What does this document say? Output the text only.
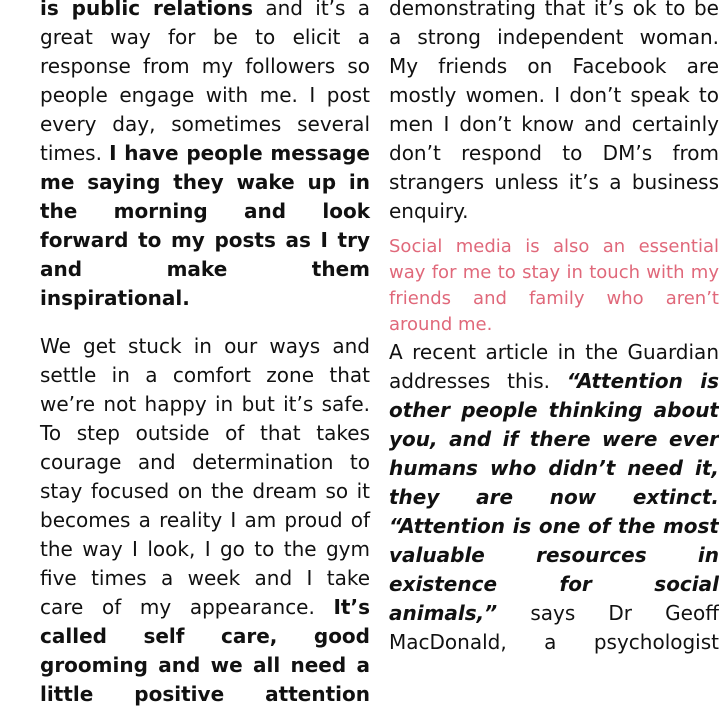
is public relations and it’s a great way for be to elicit a response from my followers so people engage with me. I post every day, sometimes several times. I have people message me saying they wake up in the morning and look forward to my posts as I try and make them inspirational.

We get stuck in our ways and settle in a comfort zone that we’re not happy in but it’s safe. To step outside of that takes courage and determination to stay focused on the dream so it becomes a reality I am proud of the way I look, I go to the gym five times a week and I take care of my appearance. It’s called self care, good grooming and we all need a little positive attention

demonstrating that it’s ok to be a strong independent woman. My friends on Facebook are mostly women. I don’t speak to men I don’t know and certainly don’t respond to DM’s from strangers unless it’s a business enquiry.

Social media is also an essential way for me to stay in touch with my friends and family who aren’t around me.

A recent article in the Guardian addresses this. “Attention is other people thinking about you, and if there were ever humans who didn’t need it, they are now extinct. “Attention is one of the most valuable resources in existence for social animals,” says Dr Geoff MacDonald, a psychologist
